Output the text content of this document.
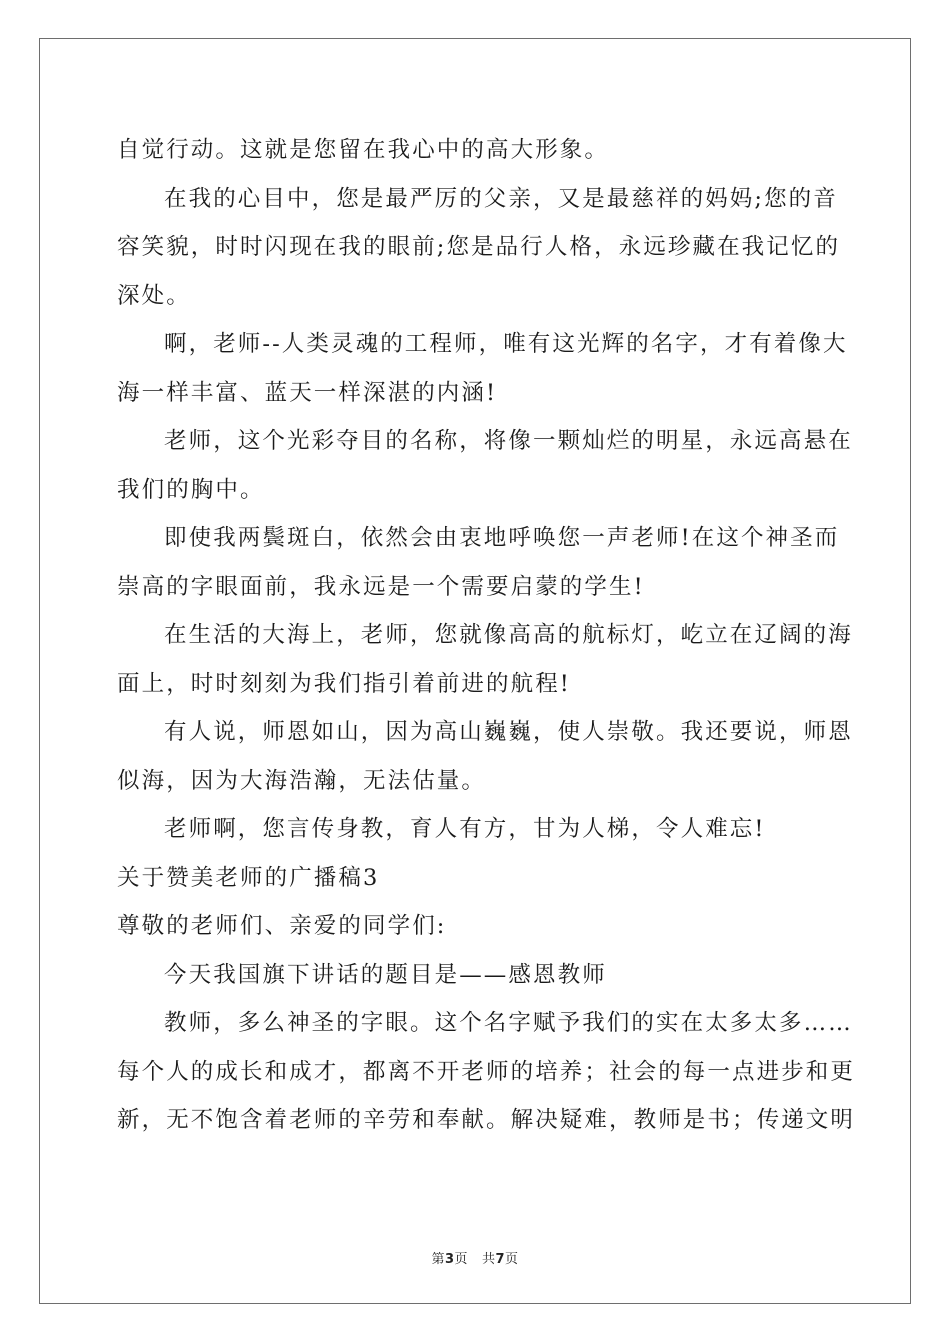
自觉行动。这就是您留在我心中的高大形象。

在我的心目中，您是最严厉的父亲，又是最慈祥的妈妈;您的音

容笑貌，时时闪现在我的眼前;您是品行人格，永远珍藏在我记忆的

深处。

啊，老师--人类灵魂的工程师，唯有这光辉的名字，才有着像大

海一样丰富、蓝天一样深湛的内涵!

老师，这个光彩夺目的名称，将像一颗灿烂的明星，永远高悬在

我们的胸中。

即使我两鬓斑白，依然会由衷地呼唤您一声老师!在这个神圣而

崇高的字眼面前，我永远是一个需要启蒙的学生!

在生活的大海上，老师，您就像高高的航标灯，屹立在辽阔的海

面上，时时刻刻为我们指引着前进的航程!

有人说，师恩如山，因为高山巍巍，使人崇敬。我还要说，师恩

似海，因为大海浩瀚，无法估量。

老师啊，您言传身教，育人有方，甘为人梯，令人难忘!

关于赞美老师的广播稿3

尊敬的老师们、亲爱的同学们:

今天我国旗下讲话的题目是——感恩教师

教师，多么神圣的字眼。这个名字赋予我们的实在太多太多……

每个人的成长和成才，都离不开老师的培养；社会的每一点进步和更

新，无不饱含着老师的辛劳和奉献。解决疑难，教师是书；传递文明

第3页 共7页
